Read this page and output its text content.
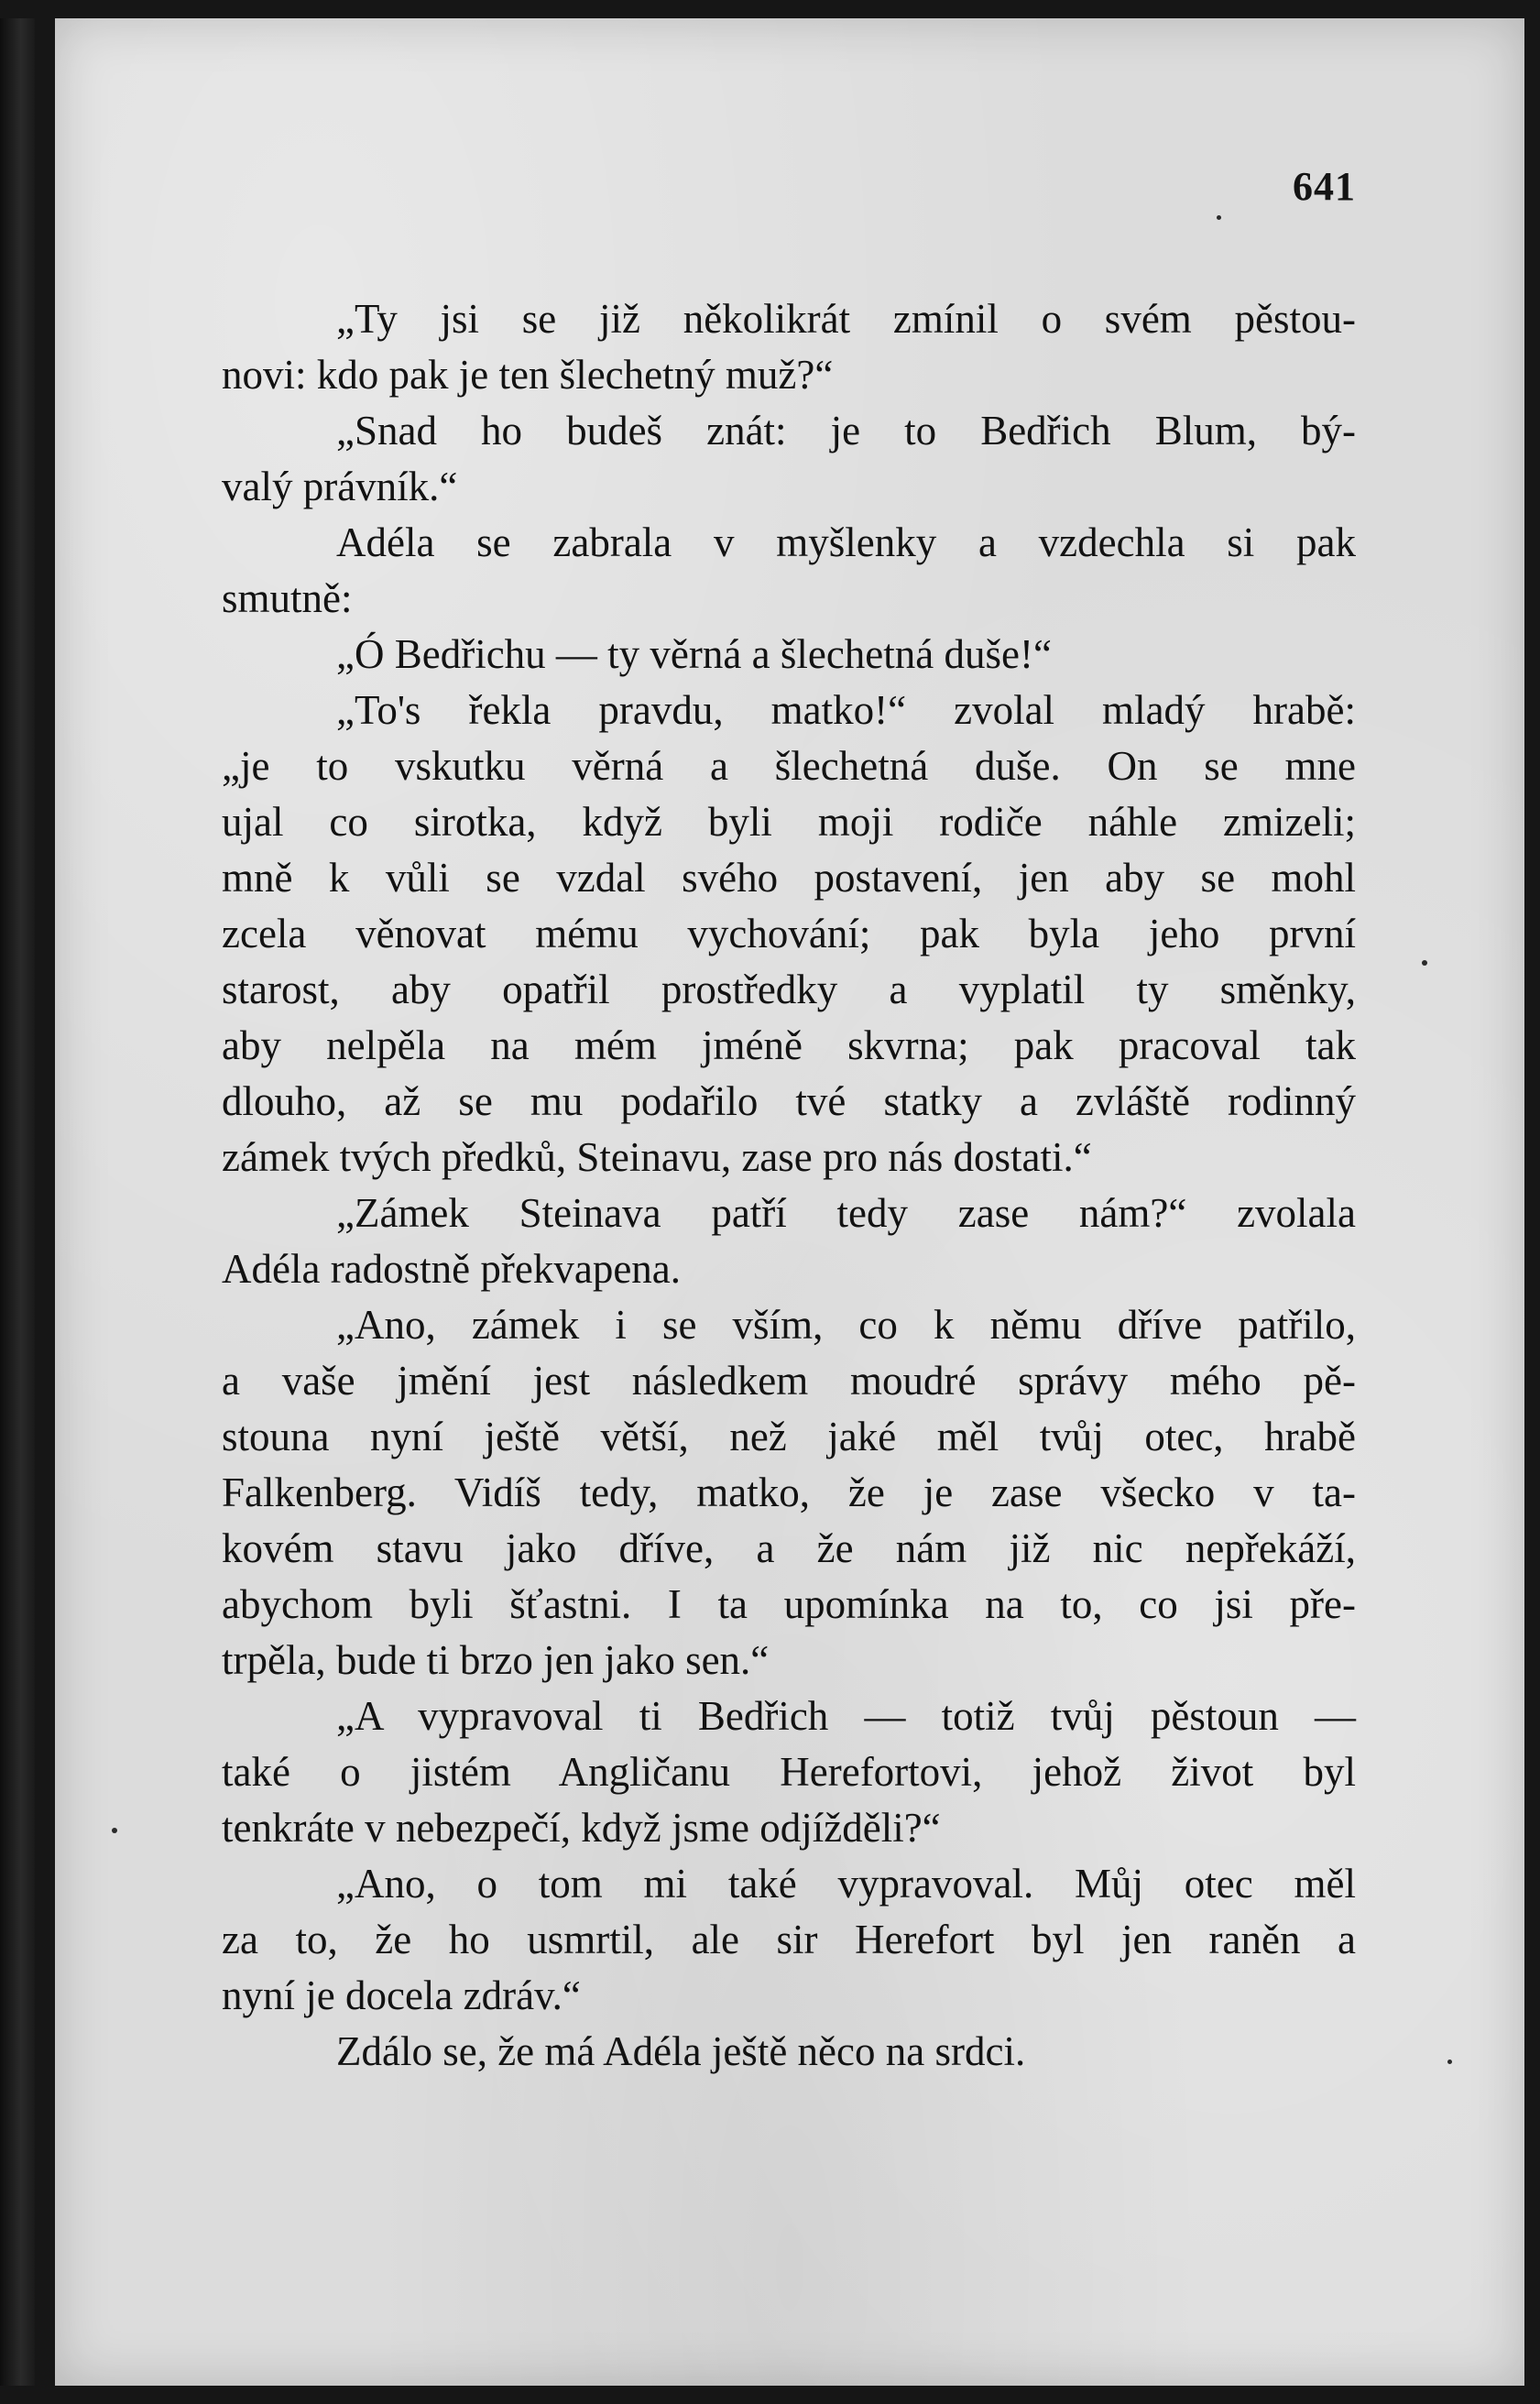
641
„Ty jsi se již několikrát zmínil o svém pěstou-
novi: kdo pak je ten šlechetný muž?“
„Snad ho budeš znát: je to Bedřich Blum, bý-
valý právník.“
Adéla se zabrala v myšlenky a vzdechla si pak
smutně:
„Ó Bedřichu — ty věrná a šlechetná duše!“
„To's řekla pravdu, matko!“ zvolal mladý hrabě:
„je to vskutku věrná a šlechetná duše. On se mne
ujal co sirotka, když byli moji rodiče náhle zmizeli;
mně k vůli se vzdal svého postavení, jen aby se mohl
zcela věnovat mému vychování; pak byla jeho první
starost, aby opatřil prostředky a vyplatil ty směnky,
aby nelpěla na mém jméně skvrna; pak pracoval tak
dlouho, až se mu podařilo tvé statky a zvláště rodinný
zámek tvých předků, Steinavu, zase pro nás dostati.“
„Zámek Steinava patří tedy zase nám?“ zvolala
Adéla radostně překvapena.
„Ano, zámek i se vším, co k němu dříve patřilo,
a vaše jmění jest následkem moudré správy mého pě-
stouna nyní ještě větší, než jaké měl tvůj otec, hrabě
Falkenberg. Vidíš tedy, matko, že je zase všecko v ta-
kovém stavu jako dříve, a že nám již nic nepřekáží,
abychom byli šťastni. I ta upomínka na to, co jsi pře-
trpěla, bude ti brzo jen jako sen.“
„A vypravoval ti Bedřich — totiž tvůj pěstoun —
také o jistém Angličanu Herefortovi, jehož život byl
tenkráte v nebezpečí, když jsme odjížděli?“
„Ano, o tom mi také vypravoval. Můj otec měl
za to, že ho usmrtil, ale sir Herefort byl jen raněn a
nyní je docela zdráv.“
Zdálo se, že má Adéla ještě něco na srdci.
